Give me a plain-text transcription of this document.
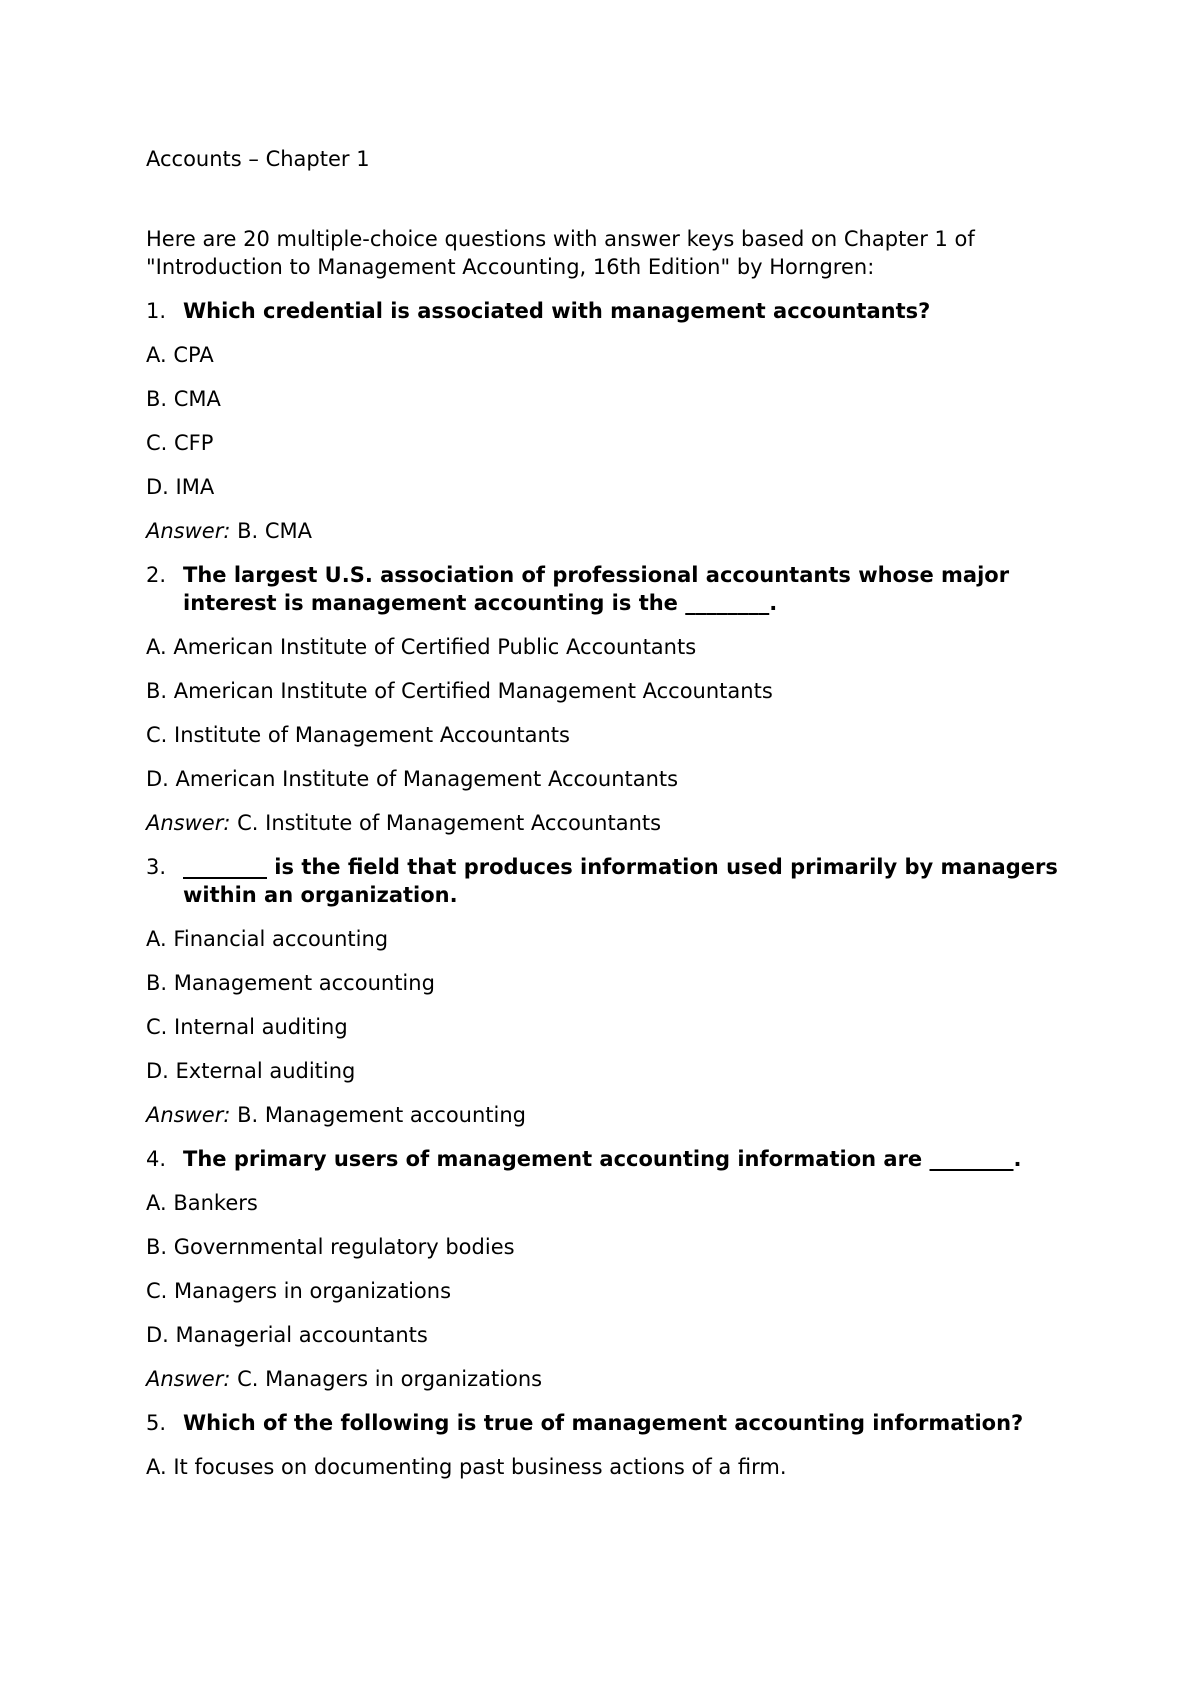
Accounts – Chapter 1

Here are 20 multiple-choice questions with answer keys based on Chapter 1 of "Introduction to Management Accounting, 16th Edition" by Horngren:

1. Which credential is associated with management accountants?

A. CPA

B. CMA

C. CFP

D. IMA

Answer: B. CMA

2. The largest U.S. association of professional accountants whose major interest is management accounting is the ________.

A. American Institute of Certified Public Accountants

B. American Institute of Certified Management Accountants

C. Institute of Management Accountants

D. American Institute of Management Accountants

Answer: C. Institute of Management Accountants

3. ________ is the field that produces information used primarily by managers within an organization.

A. Financial accounting

B. Management accounting

C. Internal auditing

D. External auditing

Answer: B. Management accounting

4. The primary users of management accounting information are ________.

A. Bankers

B. Governmental regulatory bodies

C. Managers in organizations

D. Managerial accountants

Answer: C. Managers in organizations

5. Which of the following is true of management accounting information?

A. It focuses on documenting past business actions of a firm.
